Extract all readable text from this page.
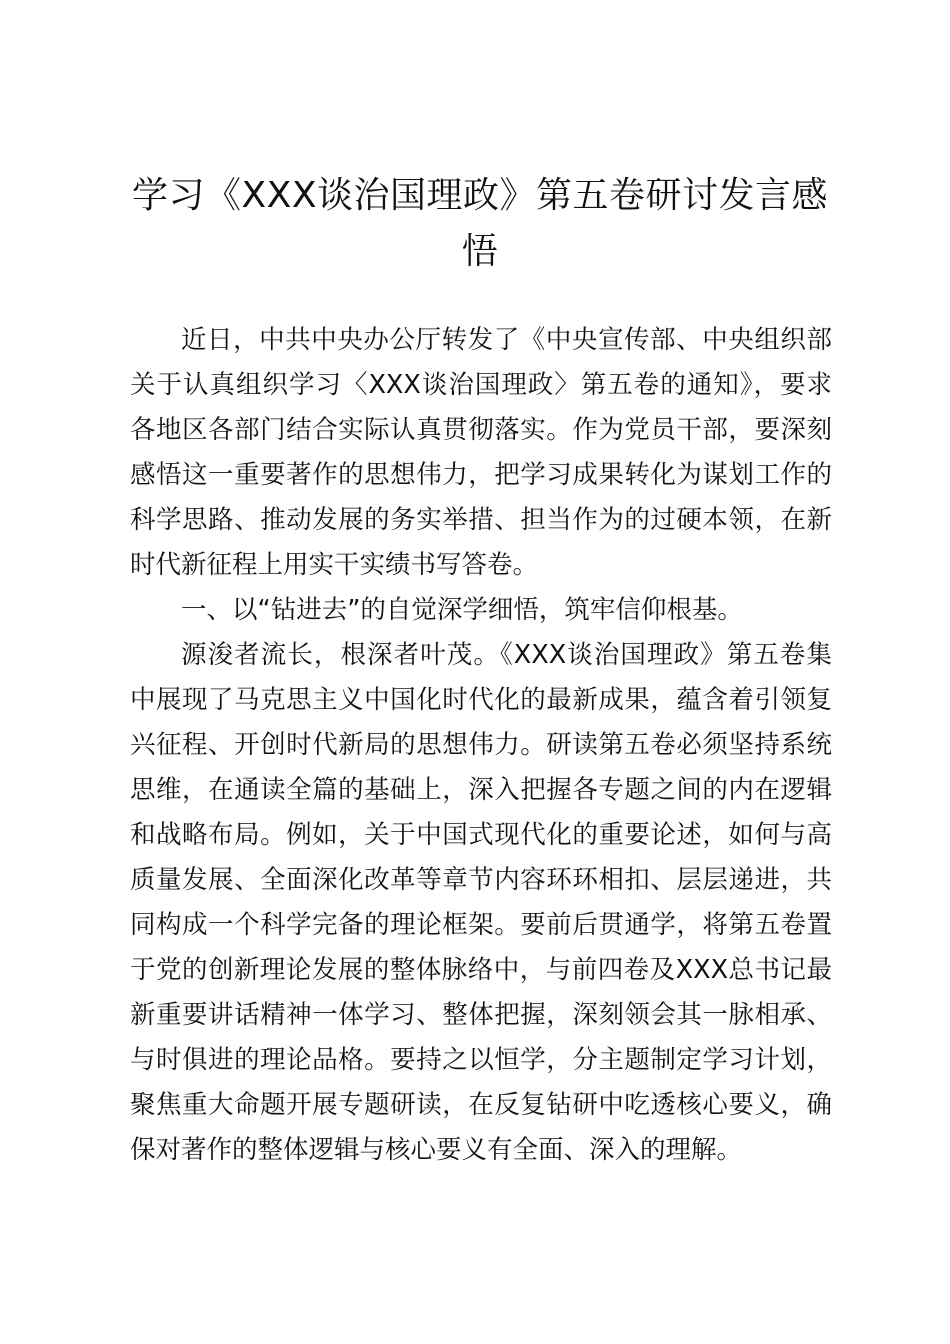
学习《XXX谈治国理政》第五卷研讨发言感悟

近日，中共中央办公厅转发了《中央宣传部、中央组织部关于认真组织学习〈XXX谈治国理政〉第五卷的通知》，要求各地区各部门结合实际认真贯彻落实。作为党员干部，要深刻感悟这一重要著作的思想伟力，把学习成果转化为谋划工作的科学思路、推动发展的务实举措、担当作为的过硬本领，在新时代新征程上用实干实绩书写答卷。

一、以“钻进去”的自觉深学细悟，筑牢信仰根基。

源浚者流长，根深者叶茂。《XXX谈治国理政》第五卷集中展现了马克思主义中国化时代化的最新成果，蕴含着引领复兴征程、开创时代新局的思想伟力。研读第五卷必须坚持系统思维，在通读全篇的基础上，深入把握各专题之间的内在逻辑和战略布局。例如，关于中国式现代化的重要论述，如何与高质量发展、全面深化改革等章节内容环环相扣、层层递进，共同构成一个科学完备的理论框架。要前后贯通学，将第五卷置于党的创新理论发展的整体脉络中，与前四卷及XXX总书记最新重要讲话精神一体学习、整体把握，深刻领会其一脉相承、与时俱进的理论品格。要持之以恒学，分主题制定学习计划，聚焦重大命题开展专题研读，在反复钻研中吃透核心要义，确保对著作的整体逻辑与核心要义有全面、深入的理解。
